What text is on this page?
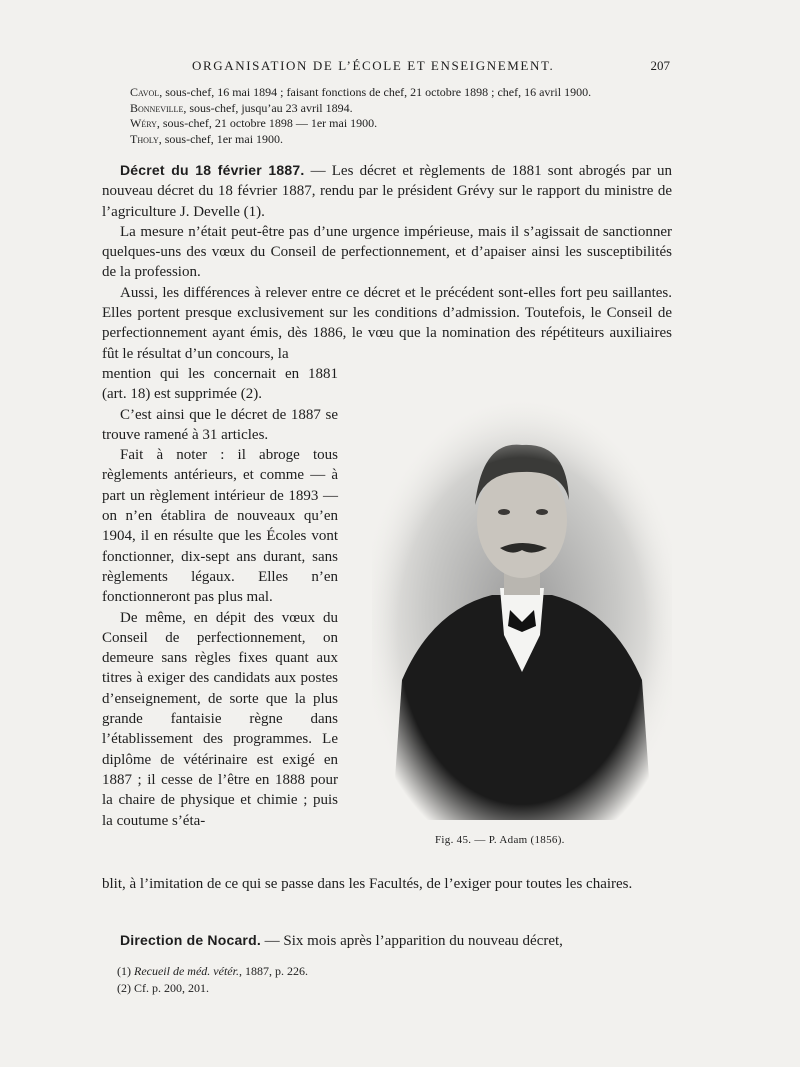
ORGANISATION DE L’ÉCOLE ET ENSEIGNEMENT.	207
Cavol, sous-chef, 16 mai 1894 ; faisant fonctions de chef, 21 octobre 1898 ; chef, 16 avril 1900.
Bonneville, sous-chef, jusqu’au 23 avril 1894.
Wéry, sous-chef, 21 octobre 1898 — 1er mai 1900.
Tholy, sous-chef, 1er mai 1900.

Décret du 18 février 1887. — Les décret et règlements de 1881 sont abrogés par un nouveau décret du 18 février 1887, rendu par le président Grévy sur le rapport du ministre de l’agriculture J. Develle (1).

La mesure n’était peut-être pas d’une urgence impérieuse, mais il s’agissait de sanctionner quelques-uns des vœux du Conseil de perfectionnement, et d’apaiser ainsi les susceptibilités de la profession.

Aussi, les différences à relever entre ce décret et le précédent sont-elles fort peu saillantes. Elles portent presque exclusivement sur les conditions d’admission. Toutefois, le Conseil de perfectionnement ayant émis, dès 1886, le vœu que la nomination des répétiteurs auxiliaires fût le résultat d’un concours, la

mention qui les concernait en 1881 (art. 18) est supprimée (2).

C’est ainsi que le décret de 1887 se trouve ramené à 31 articles.

Fait à noter : il abroge tous règlements antérieurs, et comme — à part un règlement intérieur de 1893 — on n’en établira de nouveaux qu’en 1904, il en résulte que les Écoles vont fonctionner, dix-sept ans durant, sans règlements légaux. Elles n’en fonctionneront pas plus mal.

De même, en dépit des vœux du Conseil de perfectionnement, on demeure sans règles fixes quant aux titres à exiger des candidats aux postes d’enseignement, de sorte que la plus grande fantaisie règne dans l’établissement des programmes. Le diplôme de vétérinaire est exigé en 1887 ; il cesse de l’être en 1888 pour la chaire de physique et chimie ; puis la coutume s’éta-

blit, à l’imitation de ce qui se passe dans les Facultés, de l’exiger pour toutes les chaires.

Fig. 45. — P. Adam (1856).

Direction de Nocard. — Six mois après l’apparition du nouveau décret,

(1) Recueil de méd. vétér., 1887, p. 226.
(2) Cf. p. 200, 201.
